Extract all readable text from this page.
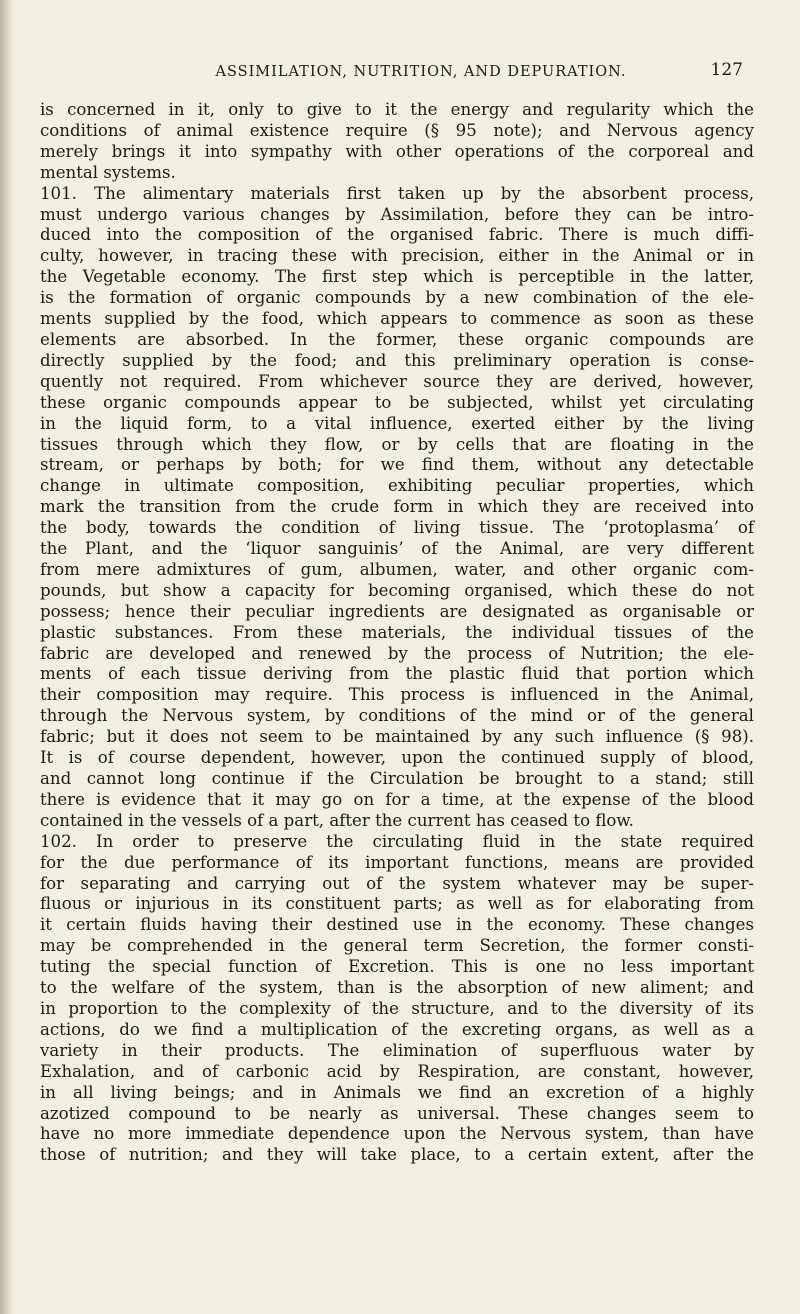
ASSIMILATION, NUTRITION, AND DEPURATION.	127
is concerned in it, only to give to it the energy and regularity which the
conditions of animal existence require (§ 95 note); and Nervous agency
merely brings it into sympathy with other operations of the corporeal and
mental systems.
101. The alimentary materials first taken up by the absorbent process,
must undergo various changes by Assimilation, before they can be intro-
duced into the composition of the organised fabric. There is much diffi-
culty, however, in tracing these with precision, either in the Animal or in
the Vegetable economy. The first step which is perceptible in the latter,
is the formation of organic compounds by a new combination of the ele-
ments supplied by the food, which appears to commence as soon as these
elements are absorbed. In the former, these organic compounds are
directly supplied by the food; and this preliminary operation is conse-
quently not required. From whichever source they are derived, however,
these organic compounds appear to be subjected, whilst yet circulating
in the liquid form, to a vital influence, exerted either by the living
tissues through which they flow, or by cells that are floating in the
stream, or perhaps by both; for we find them, without any detectable
change in ultimate composition, exhibiting peculiar properties, which
mark the transition from the crude form in which they are received into
the body, towards the condition of living tissue. The ‘protoplasma’ of
the Plant, and the ‘liquor sanguinis’ of the Animal, are very different
from mere admixtures of gum, albumen, water, and other organic com-
pounds, but show a capacity for becoming organised, which these do not
possess; hence their peculiar ingredients are designated as organisable or
plastic substances. From these materials, the individual tissues of the
fabric are developed and renewed by the process of Nutrition; the ele-
ments of each tissue deriving from the plastic fluid that portion which
their composition may require. This process is influenced in the Animal,
through the Nervous system, by conditions of the mind or of the general
fabric; but it does not seem to be maintained by any such influence (§ 98).
It is of course dependent, however, upon the continued supply of blood,
and cannot long continue if the Circulation be brought to a stand; still
there is evidence that it may go on for a time, at the expense of the blood
contained in the vessels of a part, after the current has ceased to flow.
102. In order to preserve the circulating fluid in the state required
for the due performance of its important functions, means are provided
for separating and carrying out of the system whatever may be super-
fluous or injurious in its constituent parts; as well as for elaborating from
it certain fluids having their destined use in the economy. These changes
may be comprehended in the general term Secretion, the former consti-
tuting the special function of Excretion. This is one no less important
to the welfare of the system, than is the absorption of new aliment; and
in proportion to the complexity of the structure, and to the diversity of its
actions, do we find a multiplication of the excreting organs, as well as a
variety in their products. The elimination of superfluous water by
Exhalation, and of carbonic acid by Respiration, are constant, however,
in all living beings; and in Animals we find an excretion of a highly
azotized compound to be nearly as universal. These changes seem to
have no more immediate dependence upon the Nervous system, than have
those of nutrition; and they will take place, to a certain extent, after the
